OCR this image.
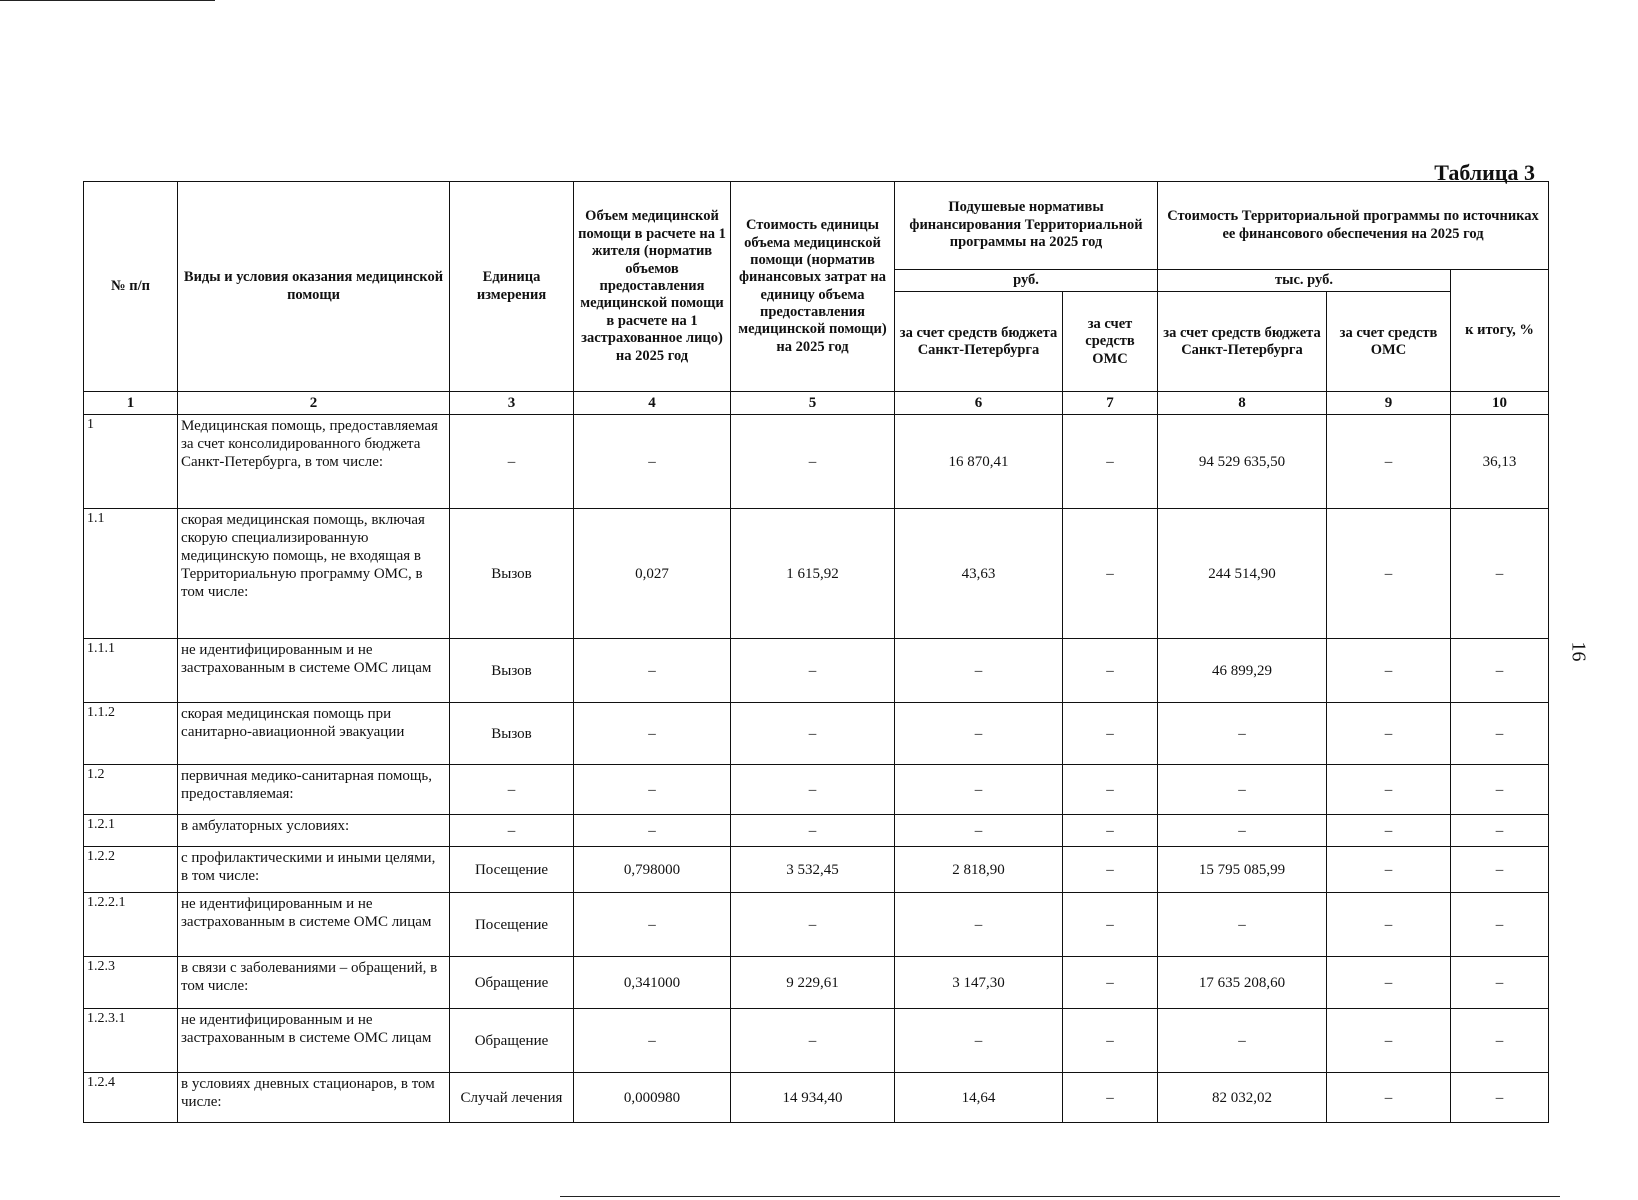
Таблица 3
16
№ п/п	Виды и условия оказания медицинской помощи	Единица измерения	Объем медицинской помощи в расчете на 1 жителя (норматив объемов предоставления медицинской помощи в расчете на 1 застрахованное лицо) на 2025 год	Стоимость единицы объема медицинской помощи (норматив финансовых затрат на единицу объема предоставления медицинской помощи) на 2025 год	Подушевые нормативы финансирования Территориальной программы на 2025 год		Стоимость Территориальной программы по источниках ее финансового обеспечения на 2025 год		
					руб.		тыс. руб.		к итогу, %
					за счет средств бюджета Санкт-Петербурга	за счет средств ОМС	за счет средств бюджета Санкт-Петербурга	за счет средств ОМС	
1	2	3	4	5	6	7	8	9	10
1	Медицинская помощь, предоставляемая за счет консолидированного бюджета Санкт-Петербурга, в том числе:	–	–	–	16 870,41	–	94 529 635,50	–	36,13
1.1	скорая медицинская помощь, включая скорую специализированную медицинскую помощь, не входящая в Территориальную программу ОМС, в том числе:	Вызов	0,027	1 615,92	43,63	–	244 514,90	–	–
1.1.1	не идентифицированным и не застрахованным в системе ОМС лицам	Вызов	–	–	–	–	46 899,29	–	–
1.1.2	скорая медицинская помощь при санитарно-авиационной эвакуации	Вызов	–	–	–	–	–	–	–
1.2	первичная медико-санитарная помощь, предоставляемая:	–	–	–	–	–	–	–	–
1.2.1	в амбулаторных условиях:	–	–	–	–	–	–	–	–
1.2.2	с профилактическими и иными целями, в том числе:	Посещение	0,798000	3 532,45	2 818,90	–	15 795 085,99	–	–
1.2.2.1	не идентифицированным и не застрахованным в системе ОМС лицам	Посещение	–	–	–	–	–	–	–
1.2.3	в связи с заболеваниями – обращений, в том числе:	Обращение	0,341000	9 229,61	3 147,30	–	17 635 208,60	–	–
1.2.3.1	не идентифицированным и не застрахованным в системе ОМС лицам	Обращение	–	–	–	–	–	–	–
1.2.4	в условиях дневных стационаров, в том числе:	Случай лечения	0,000980	14 934,40	14,64	–	82 032,02	–	–
